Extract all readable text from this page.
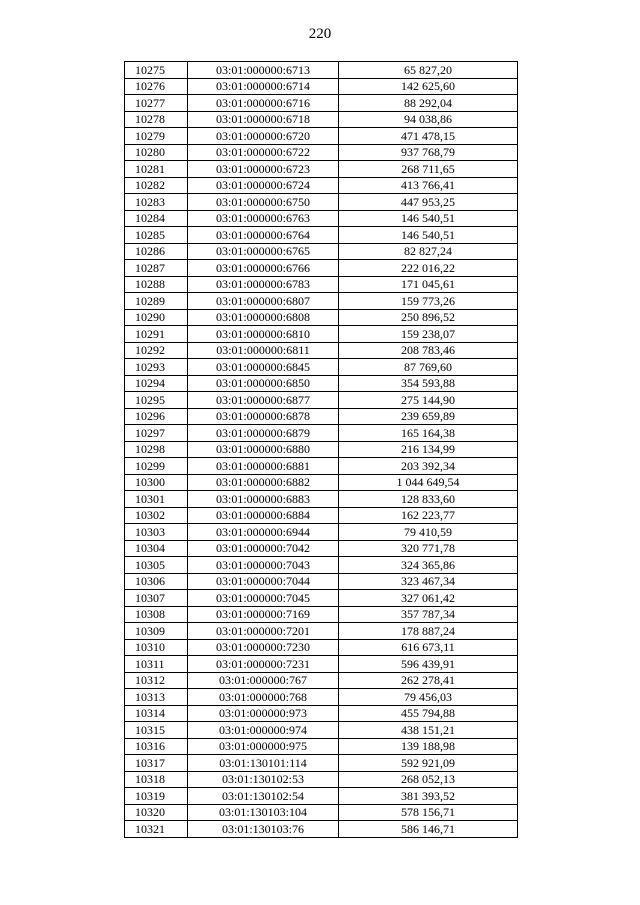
220
10275	03:01:000000:6713	65 827,20
10276	03:01:000000:6714	142 625,60
10277	03:01:000000:6716	88 292,04
10278	03:01:000000:6718	94 038,86
10279	03:01:000000:6720	471 478,15
10280	03:01:000000:6722	937 768,79
10281	03:01:000000:6723	268 711,65
10282	03:01:000000:6724	413 766,41
10283	03:01:000000:6750	447 953,25
10284	03:01:000000:6763	146 540,51
10285	03:01:000000:6764	146 540,51
10286	03:01:000000:6765	82 827,24
10287	03:01:000000:6766	222 016,22
10288	03:01:000000:6783	171 045,61
10289	03:01:000000:6807	159 773,26
10290	03:01:000000:6808	250 896,52
10291	03:01:000000:6810	159 238,07
10292	03:01:000000:6811	208 783,46
10293	03:01:000000:6845	87 769,60
10294	03:01:000000:6850	354 593,88
10295	03:01:000000:6877	275 144,90
10296	03:01:000000:6878	239 659,89
10297	03:01:000000:6879	165 164,38
10298	03:01:000000:6880	216 134,99
10299	03:01:000000:6881	203 392,34
10300	03:01:000000:6882	1 044 649,54
10301	03:01:000000:6883	128 833,60
10302	03:01:000000:6884	162 223,77
10303	03:01:000000:6944	79 410,59
10304	03:01:000000:7042	320 771,78
10305	03:01:000000:7043	324 365,86
10306	03:01:000000:7044	323 467,34
10307	03:01:000000:7045	327 061,42
10308	03:01:000000:7169	357 787,34
10309	03:01:000000:7201	178 887,24
10310	03:01:000000:7230	616 673,11
10311	03:01:000000:7231	596 439,91
10312	03:01:000000:767	262 278,41
10313	03:01:000000:768	79 456,03
10314	03:01:000000:973	455 794,88
10315	03:01:000000:974	438 151,21
10316	03:01:000000:975	139 188,98
10317	03:01:130101:114	592 921,09
10318	03:01:130102:53	268 052,13
10319	03:01:130102:54	381 393,52
10320	03:01:130103:104	578 156,71
10321	03:01:130103:76	586 146,71
